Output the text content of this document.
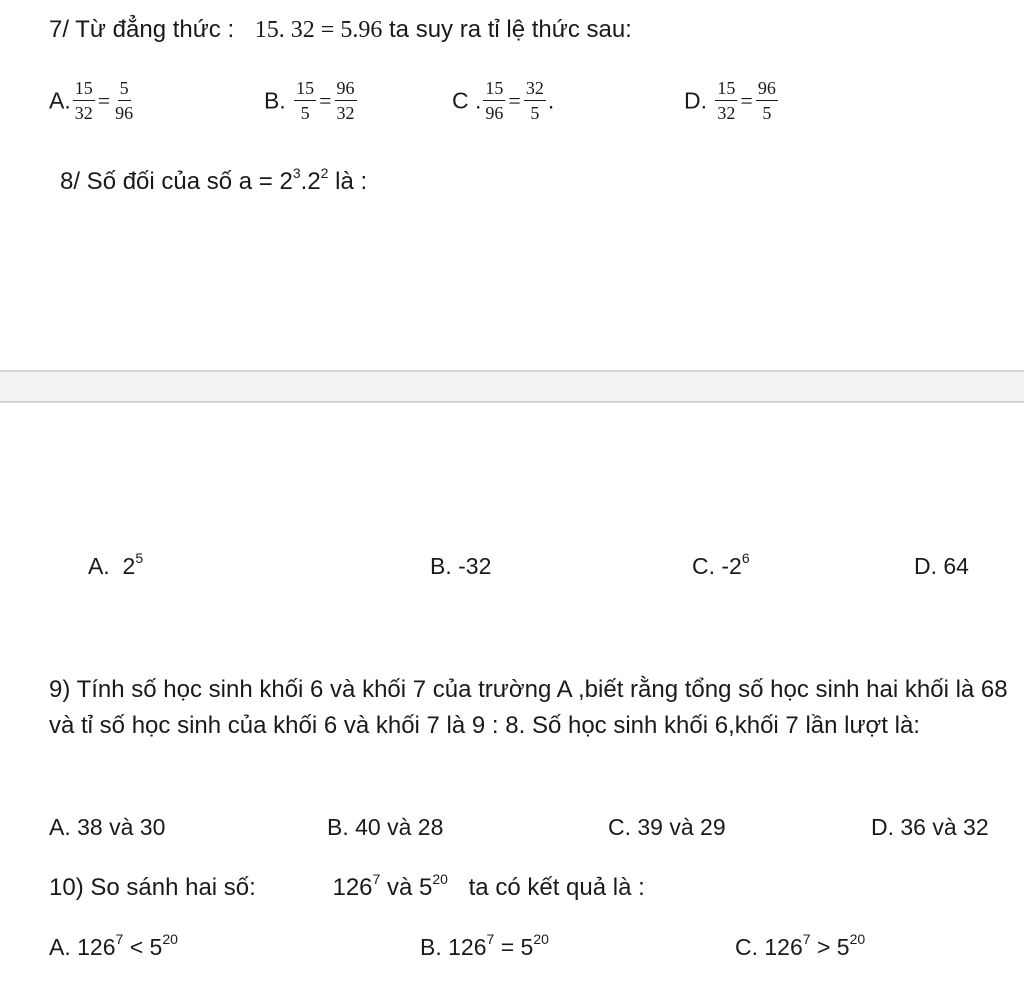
7/ Từ đẳng thức : 15. 32 = 5.96 ta suy ra tỉ lệ thức sau:
A. $\frac{15}{32} = \frac{5}{96}$	B. $\frac{15}{5} = \frac{96}{32}$	C . $\frac{15}{96} = \frac{32}{5}$ .	D. $\frac{15}{32} = \frac{96}{5}$
8/ Số đối của số $a = 2^3.2^2$ là :
A. $2^5$	B. -32	C. $-2^6$	D. 64
9) Tính số học sinh khối 6 và khối 7 của trường A ,biết rằng tổng số học sinh hai khối là 68 và tỉ số học sinh của khối 6 và khối 7 là 9 : 8. Số học sinh khối 6,khối 7 lần lượt là:
A. 38 và 30	B. 40 và 28	C. 39 và 29	D. 36 và 32
10) So sánh hai số:	$126^7$ và $5^{20}$ ta có kết quả là :
A. $126^7 < 5^{20}$	B. $126^7 = 5^{20}$	C. $126^7 > 5^{20}$
